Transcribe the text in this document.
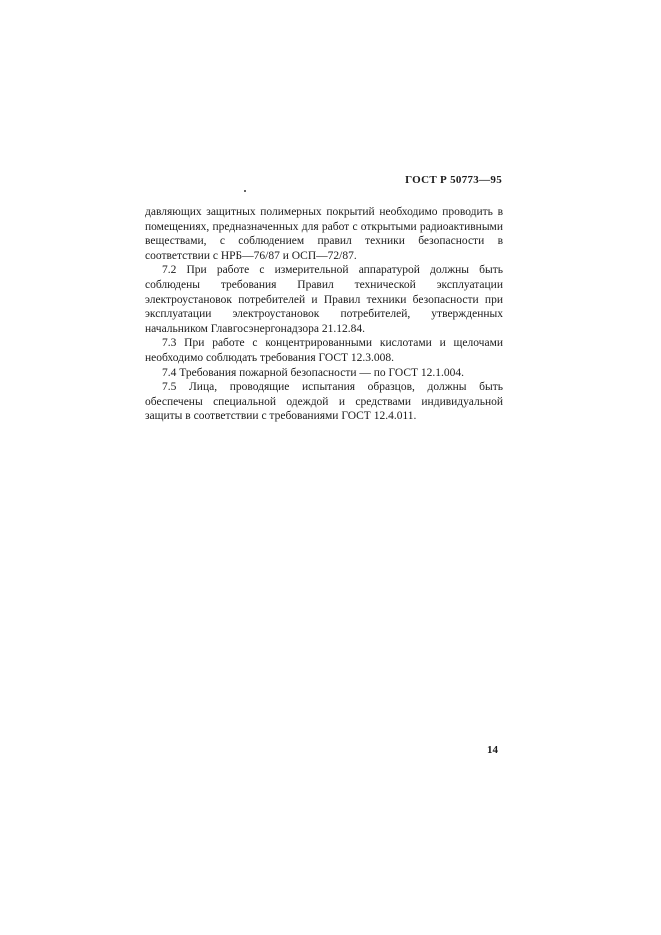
ГОСТ Р 50773—95

давляющих защитных полимерных покрытий необходимо проводить в помещениях, предназначенных для работ с открытыми радиоактивными веществами, с соблюдением правил техники безопасности в соответствии с НРБ—76/87 и ОСП—72/87.

7.2 При работе с измерительной аппаратурой должны быть соблюдены требования Правил технической эксплуатации электроустановок потребителей и Правил техники безопасности при эксплуатации электроустановок потребителей, утвержденных начальником Главгосэнергонадзора 21.12.84.

7.3 При работе с концентрированными кислотами и щелочами необходимо соблюдать требования ГОСТ 12.3.008.

7.4 Требования пожарной безопасности — по ГОСТ 12.1.004.

7.5 Лица, проводящие испытания образцов, должны быть обеспечены специальной одеждой и средствами индивидуальной защиты в соответствии с требованиями ГОСТ 12.4.011.

14
